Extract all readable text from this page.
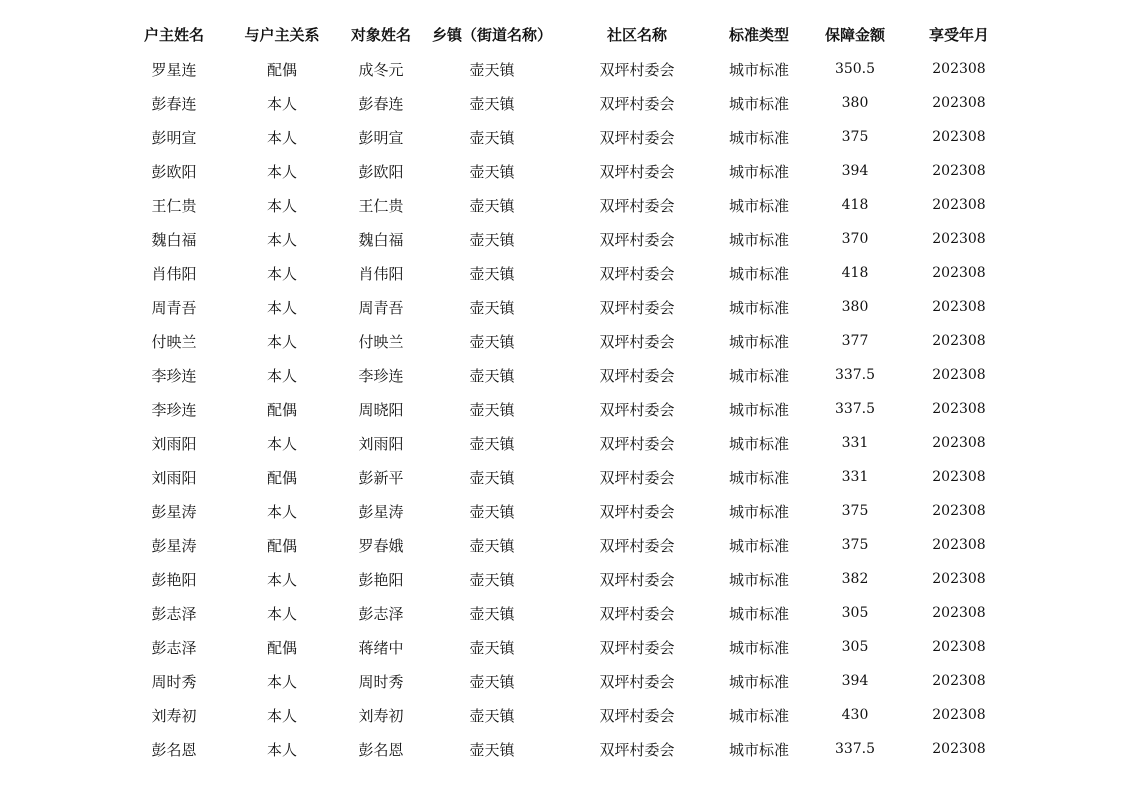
户主姓名	与户主关系	对象姓名	乡镇（街道名称）	社区名称	标准类型	保障金额	享受年月
罗星连	配偶	成冬元	壶天镇	双坪村委会	城市标准	350.5	202308
彭春连	本人	彭春连	壶天镇	双坪村委会	城市标准	380	202308
彭明宣	本人	彭明宣	壶天镇	双坪村委会	城市标准	375	202308
彭欧阳	本人	彭欧阳	壶天镇	双坪村委会	城市标准	394	202308
王仁贵	本人	王仁贵	壶天镇	双坪村委会	城市标准	418	202308
魏白福	本人	魏白福	壶天镇	双坪村委会	城市标准	370	202308
肖伟阳	本人	肖伟阳	壶天镇	双坪村委会	城市标准	418	202308
周青吾	本人	周青吾	壶天镇	双坪村委会	城市标准	380	202308
付映兰	本人	付映兰	壶天镇	双坪村委会	城市标准	377	202308
李珍连	本人	李珍连	壶天镇	双坪村委会	城市标准	337.5	202308
李珍连	配偶	周晓阳	壶天镇	双坪村委会	城市标准	337.5	202308
刘雨阳	本人	刘雨阳	壶天镇	双坪村委会	城市标准	331	202308
刘雨阳	配偶	彭新平	壶天镇	双坪村委会	城市标准	331	202308
彭星涛	本人	彭星涛	壶天镇	双坪村委会	城市标准	375	202308
彭星涛	配偶	罗春娥	壶天镇	双坪村委会	城市标准	375	202308
彭艳阳	本人	彭艳阳	壶天镇	双坪村委会	城市标准	382	202308
彭志泽	本人	彭志泽	壶天镇	双坪村委会	城市标准	305	202308
彭志泽	配偶	蒋绪中	壶天镇	双坪村委会	城市标准	305	202308
周时秀	本人	周时秀	壶天镇	双坪村委会	城市标准	394	202308
刘寿初	本人	刘寿初	壶天镇	双坪村委会	城市标准	430	202308
彭名恩	本人	彭名恩	壶天镇	双坪村委会	城市标准	337.5	202308
